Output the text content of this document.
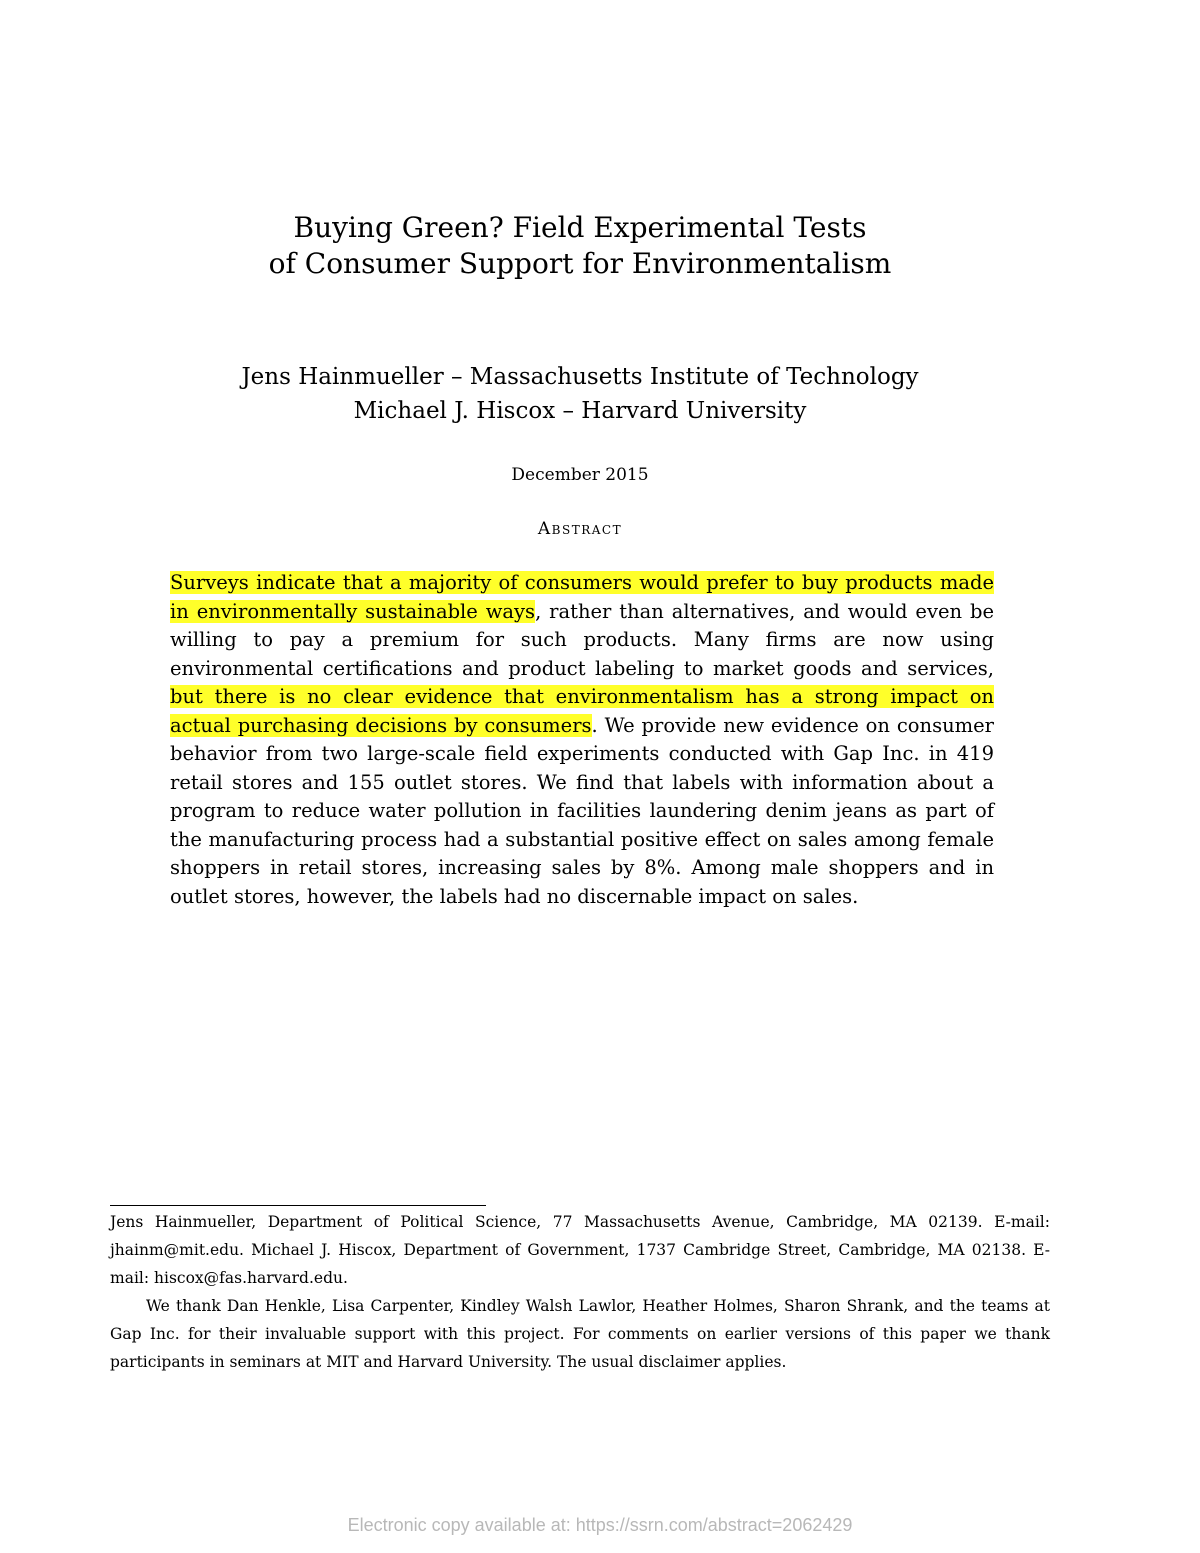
Buying Green? Field Experimental Tests
of Consumer Support for Environmentalism
Jens Hainmueller – Massachusetts Institute of Technology
Michael J. Hiscox – Harvard University
December 2015
Abstract
Surveys indicate that a majority of consumers would prefer to buy products made in environmentally sustainable ways, rather than alternatives, and would even be willing to pay a premium for such products. Many firms are now using environmental certifications and product labeling to market goods and services, but there is no clear evidence that environmentalism has a strong impact on actual purchasing decisions by consumers. We provide new evidence on consumer behavior from two large-scale field experiments conducted with Gap Inc. in 419 retail stores and 155 outlet stores. We find that labels with information about a program to reduce water pollution in facilities laundering denim jeans as part of the manufacturing process had a substantial positive effect on sales among female shoppers in retail stores, increasing sales by 8%. Among male shoppers and in outlet stores, however, the labels had no discernable impact on sales.

Jens Hainmueller, Department of Political Science, 77 Massachusetts Avenue, Cambridge, MA 02139. E-mail: jhainm@mit.edu. Michael J. Hiscox, Department of Government, 1737 Cambridge Street, Cambridge, MA 02138. E-mail: hiscox@fas.harvard.edu.

We thank Dan Henkle, Lisa Carpenter, Kindley Walsh Lawlor, Heather Holmes, Sharon Shrank, and the teams at Gap Inc. for their invaluable support with this project. For comments on earlier versions of this paper we thank participants in seminars at MIT and Harvard University. The usual disclaimer applies.

Electronic copy available at: https://ssrn.com/abstract=2062429
